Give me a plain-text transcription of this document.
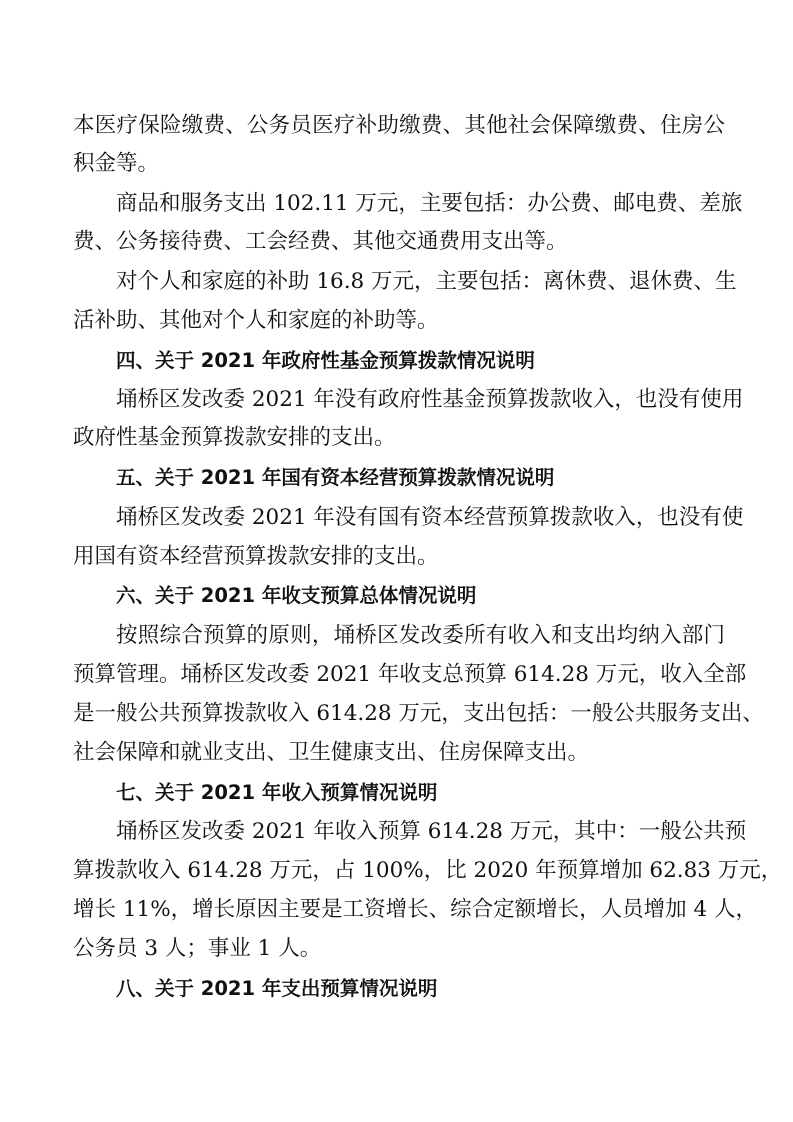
本医疗保险缴费、公务员医疗补助缴费、其他社会保障缴费、住房公
积金等。
商品和服务支出 102.11 万元，主要包括：办公费、邮电费、差旅
费、公务接待费、工会经费、其他交通费用支出等。
对个人和家庭的补助 16.8 万元，主要包括：离休费、退休费、生
活补助、其他对个人和家庭的补助等。
四、关于 2021 年政府性基金预算拨款情况说明
埇桥区发改委 2021 年没有政府性基金预算拨款收入，也没有使用
政府性基金预算拨款安排的支出。
五、关于 2021 年国有资本经营预算拨款情况说明
埇桥区发改委 2021 年没有国有资本经营预算拨款收入，也没有使
用国有资本经营预算拨款安排的支出。
六、关于 2021 年收支预算总体情况说明
按照综合预算的原则，埇桥区发改委所有收入和支出均纳入部门
预算管理。埇桥区发改委 2021 年收支总预算 614.28 万元，收入全部
是一般公共预算拨款收入 614.28 万元，支出包括：一般公共服务支出、
社会保障和就业支出、卫生健康支出、住房保障支出。
七、关于 2021 年收入预算情况说明
埇桥区发改委 2021 年收入预算 614.28 万元，其中：一般公共预
算拨款收入 614.28 万元，占 100%，比 2020 年预算增加 62.83 万元，
增长 11%，增长原因主要是工资增长、综合定额增长，人员增加 4 人，
公务员 3 人；事业 1 人。
八、关于 2021 年支出预算情况说明
